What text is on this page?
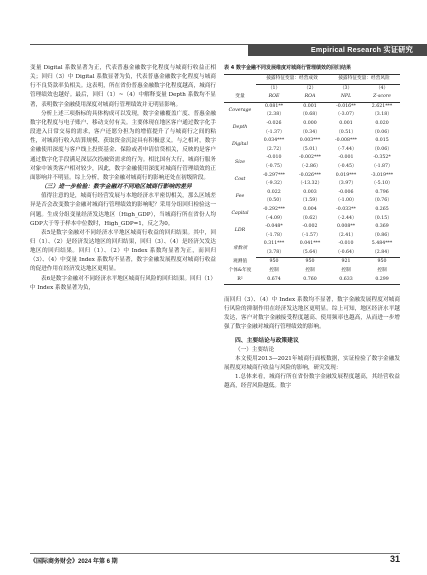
Empirical Research 实证研究

变量 Digital 系数显著为正，代表普惠金融数字化程度与城商行收益正相关；回归（3）中 Digital 系数显著为负，代表普惠金融数字化程度与城商行不良贷款率负相关。这表明，所在省份普惠金融数字化程度越高，城商行管理绩效也越好。最后，回归（1）~（4）中解释变量 Depth 系数均不显著，表明数字金融使用深度对城商行管理绩效并无明显影响。

分析上述三项指标的具体构成可以发现，数字金融覆盖广度、普惠金融数字化程度与电子账户、移动支付有关。主要体现在地区客户通过数字化手段进入日常交易的需求，客户还愿分担为的增值提升了与城商行之间的粘性，对城商行收入结算规模、获取资金沉淀具有积极意义。与之相对，数字金融使用深度与客户线上投资基金、保险或者申请信贷相关，反映的是客户通过数字化手段满足深层次投融资需求的行为。相比国有大行，城商行服务对象中该类客户相对较少，因此，数字金融使用深度对城商行管理绩效的正面影响并不明显。综上分析，数字金融对城商行的影响还处在初级阶段。

（三）进一步检验：数字金融对不同地区城商行影响的差异

值得注意的是，城商行经营发展与本地经济水平密切相关，那么区域差异是否会改变数字金融对城商行管理绩效的影响呢？采用分组回归检验这一问题。生成分组变量经济发达地区（High_GDP），当城商行所在省份人均GDP大于等于样本中位数时，High_GDP=1，反之为0。

表5是数字金融对不同经济水平地区城商行收益的回归结果。其中，回归（1）、（2）是经济发达地区的回归结果，回归（3）、（4）是经济欠发达地区的回归结果。回归（1）、（2）中 Index 系数均显著为正，而回归（3）、（4）中变量 Index 系数均不显著，数字金融发展程度对城商行收益的促进作用在经济发达地区更明显。

表6是数字金融对不同经济水平地区城商行风险的回归结果。回归（1）中 Index 系数显著为负，

表 4 数字金融不同发展维度对城商行管理绩效的回归结果
	披露特征变量：经营成效		披露特征变量：经营风险	
	（1）	（2）	（3）	（4）
变量	ROE	ROA	NPL	Z-score
Coverage	0.081**	0.001	-0.016**	2.621***
	（2.38）	（0.68）	（-3.07）	（3.18）
Depth	-0.026	0.000	0.001	0.020
	（-1.37）	（0.34）	（0.51）	（0.06）
Digital	0.034***	0.003***	-0.008***	0.015
	（2.72）	（5.01）	（-7.44）	（0.06）
Size	-0.010	-0.002***	-0.001	-0.352*
	（-0.75）	（-2.86）	（-0.45）	（-1.87）
Cost	-0.297***	-0.026***	0.019***	-3.019***
	（-9.32）	（-13.32）	（3.97）	（-5.10）
Fee	0.022	0.003	-0.006	0.796
	（0.50）	（1.59）	（-1.00）	（0.76）
Capital	-0.292***	0.004	-0.033**	0.265
	（-4.09）	（0.62）	（-2.44）	（0.15）
LDR	-0.048*	-0.002	0.008**	0.369
	（-1.78）	（-1.57）	（2.41）	（0.86）
常数项	0.311***	0.041***	-0.010	5.484***
	（3.78）	（5.64）	（-0.64）	（2.84）
观测值	950	950	921	950
个体&年度	控制	控制	控制	控制
R²	0.674	0.760	0.633	0.299

而回归（3）、（4）中 Index 系数均不显著，数字金融发展程度对城商行风险的抑制作用在经济发达地区更明显。综上可知，地区经济水平越发达，客户对数字金融接受程度越高、使用频率也越高，从而进一步增强了数字金融对城商行管理绩效的影响。

四、主要结论与政策建议

（一）主要结论

本文使用2013—2021年城商行面板数据，实证检验了数字金融发展程度对城商行收益与风险的影响，研究发现：

1.总体来看，城商行所在省份数字金融发展程度越高，其经营收益越高，经营风险越低。数字

《国际商务财会》2024 年第 6 期	31
